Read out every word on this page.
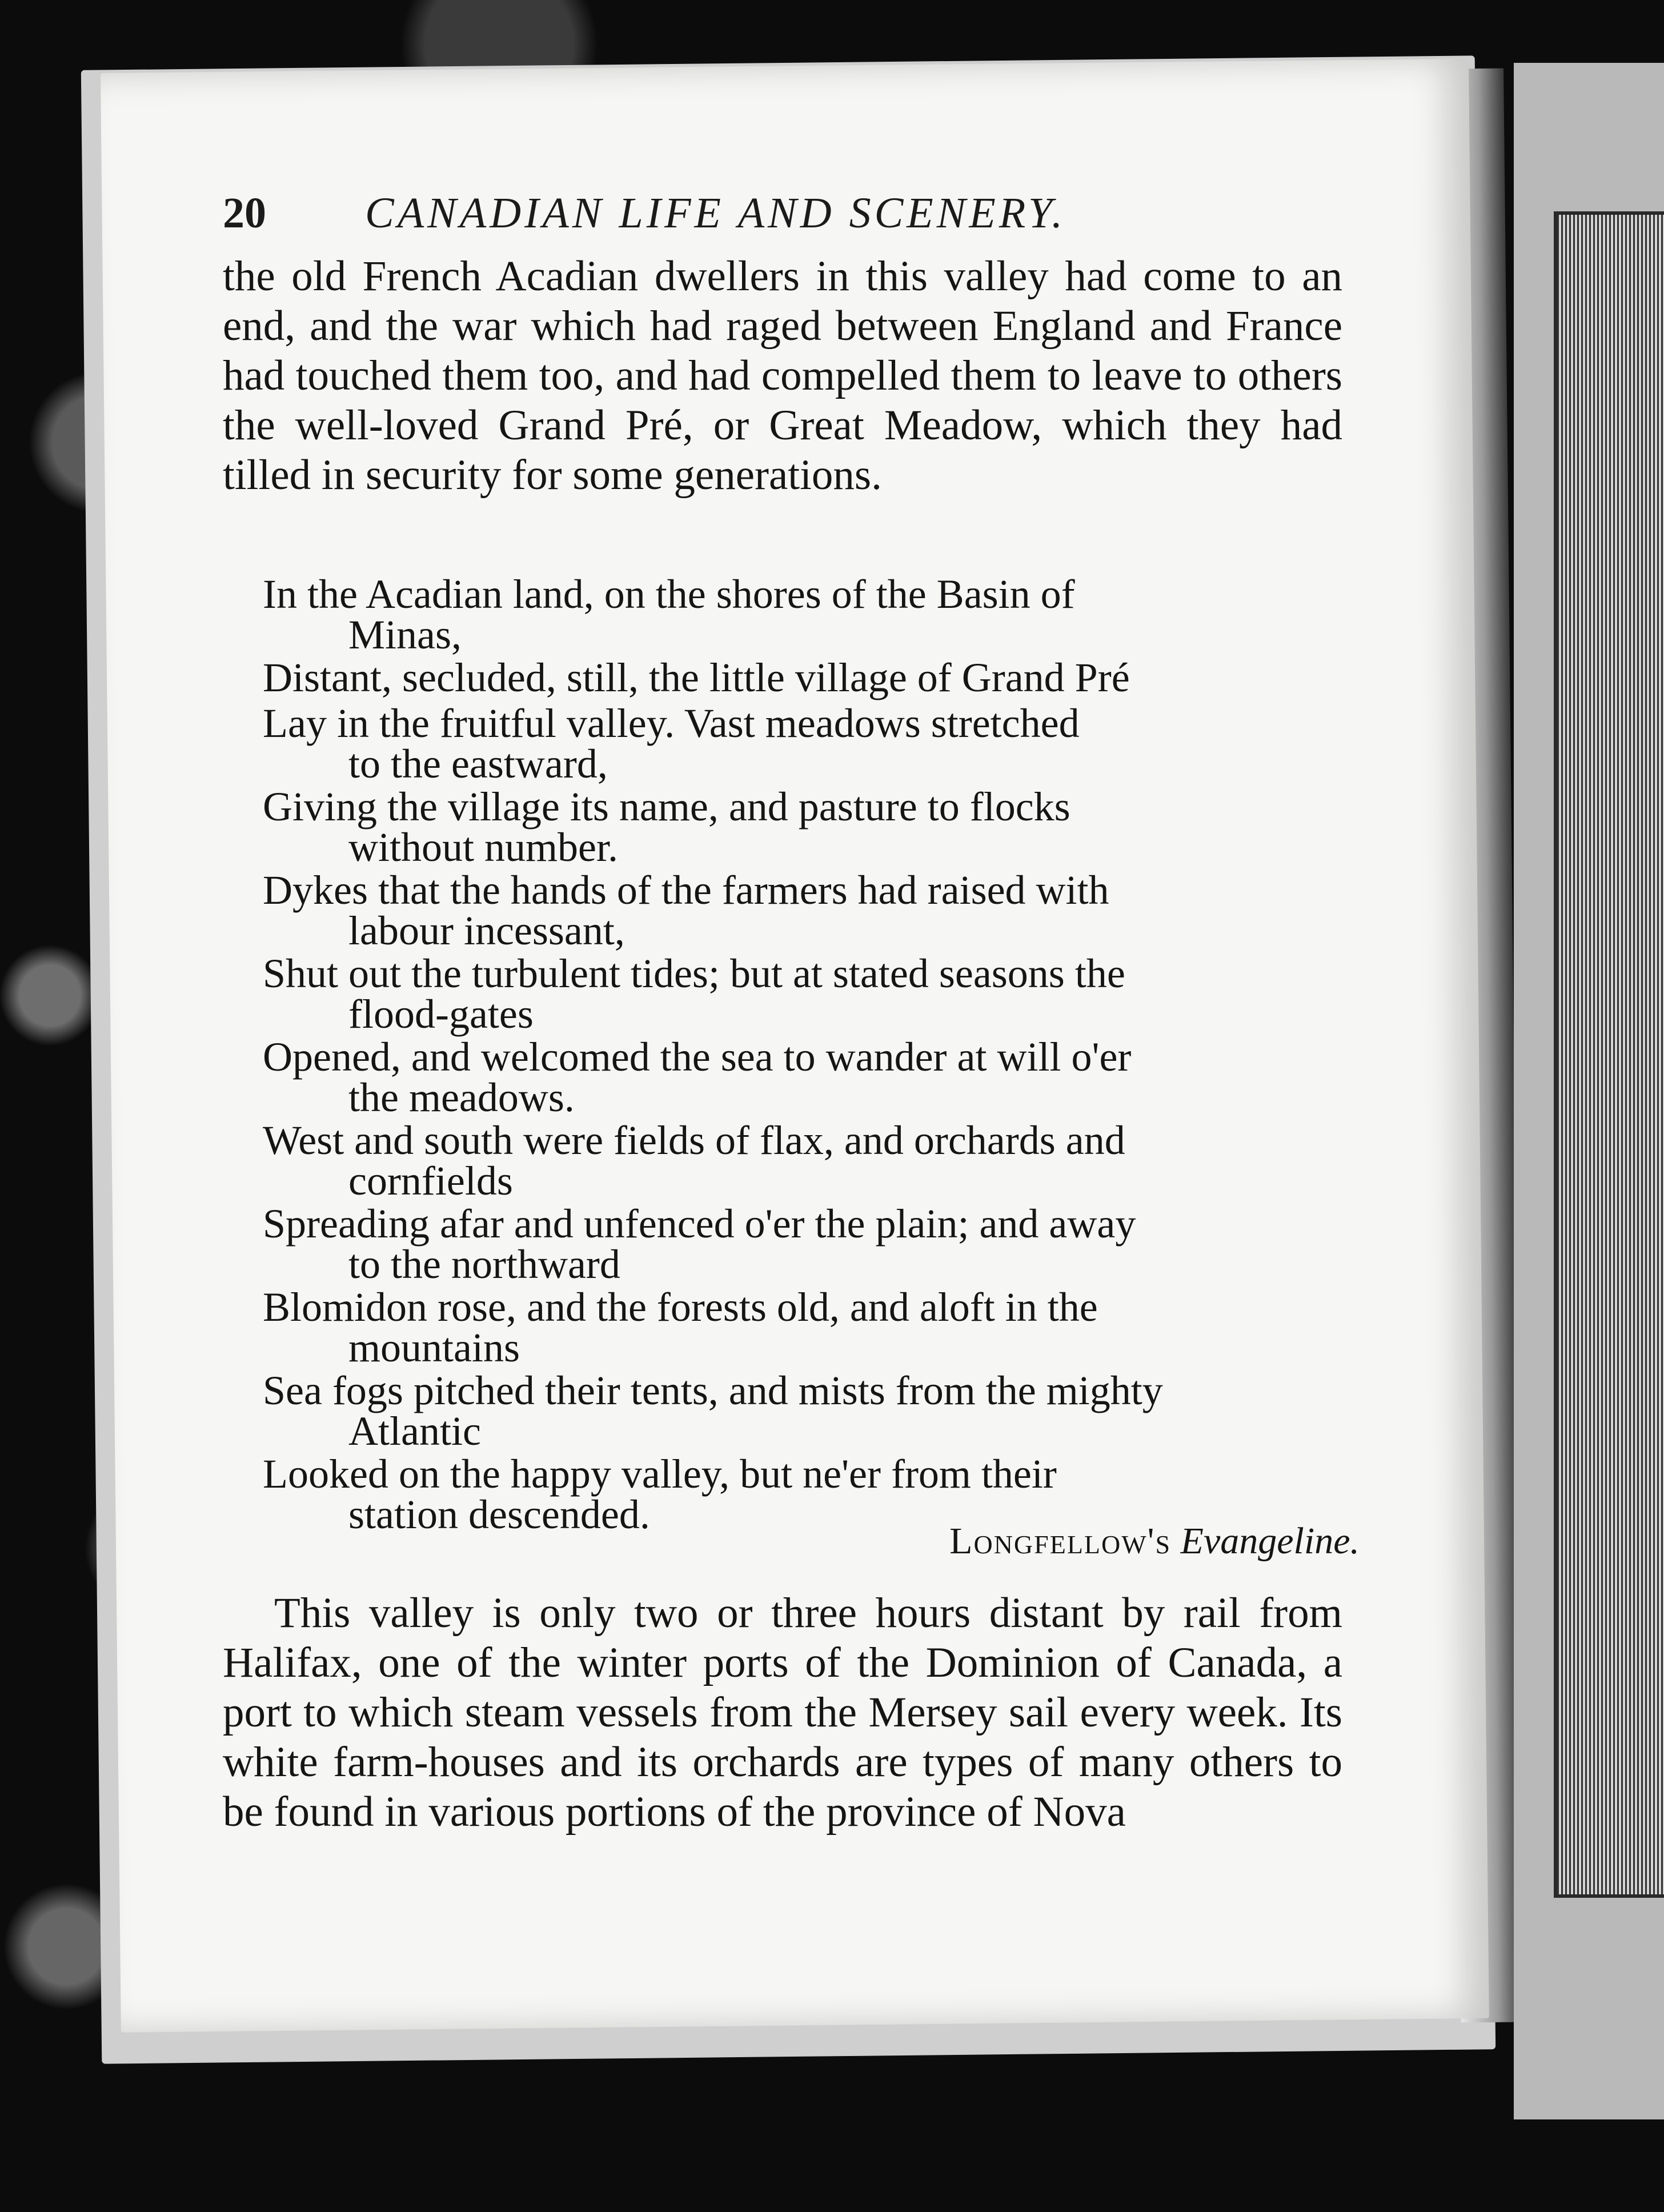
20 CANADIAN LIFE AND SCENERY.
the old French Acadian dwellers in this valley had come to an end, and the war which had raged between England and France had touched them too, and had compelled them to leave to others the well-loved Grand Pré, or Great Meadow, which they had tilled in security for some generations.
In the Acadian land, on the shores of the Basin of
Minas,
Distant, secluded, still, the little village of Grand Pré
Lay in the fruitful valley. Vast meadows stretched
to the eastward,
Giving the village its name, and pasture to flocks
without number.
Dykes that the hands of the farmers had raised with
labour incessant,
Shut out the turbulent tides; but at stated seasons the
flood-gates
Opened, and welcomed the sea to wander at will o'er
the meadows.
West and south were fields of flax, and orchards and
cornfields
Spreading afar and unfenced o'er the plain; and away
to the northward
Blomidon rose, and the forests old, and aloft in the
mountains
Sea fogs pitched their tents, and mists from the mighty
Atlantic
Looked on the happy valley, but ne'er from their
station descended.
Longfellow's Evangeline.
This valley is only two or three hours distant by rail from Halifax, one of the winter ports of the Dominion of Canada, a port to which steam vessels from the Mersey sail every week. Its white farm-houses and its orchards are types of many others to be found in various portions of the province of Nova
